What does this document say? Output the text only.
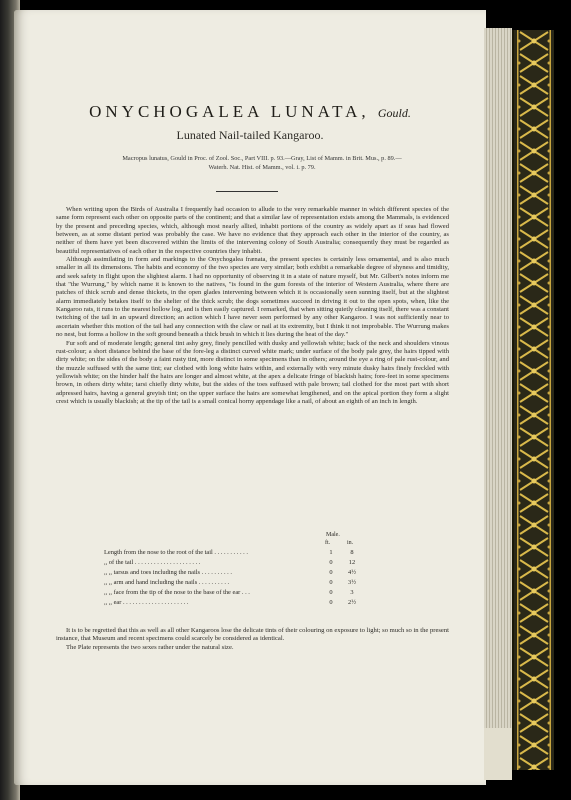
ONYCHOGALEA LUNATA, Gould.
Lunated Nail-tailed Kangaroo.
Macropus lunatus, Gould in Proc. of Zool. Soc., Part VIII. p. 93.—Gray, List of Mamm. in Brit. Mus., p. 89.— Waterh. Nat. Hist. of Mamm., vol. i. p. 79.

When writing upon the Birds of Australia I frequently had occasion to allude to the very remarkable manner in which different species of the same form represent each other on opposite parts of the continent; and that a similar law of representation exists among the Mammals, is evidenced by the present and preceding species, which, although most nearly allied, inhabit portions of the country as widely apart as if seas had flowed between, as at some distant period was probably the case. We have no evidence that they approach each other in the interior of the country, as neither of them have yet been discovered within the limits of the intervening colony of South Australia; consequently they must be regarded as beautiful representatives of each other in the respective countries they inhabit.

Although assimilating in form and markings to the Onychogalea frænata, the present species is certainly less ornamental, and is also much smaller in all its dimensions. The habits and economy of the two species are very similar; both exhibit a remarkable degree of shyness and timidity, and seek safety in flight upon the slightest alarm. I had no opportunity of observing it in a state of nature myself, but Mr. Gilbert's notes inform me that "the Wurrung," by which name it is known to the natives, "is found in the gum forests of the interior of Western Australia, where there are patches of thick scrub and dense thickets, in the open glades intervening between which it is occasionally seen sunning itself, but at the slightest alarm immediately betakes itself to the shelter of the thick scrub; the dogs sometimes succeed in driving it out to the open spots, when, like the Kangaroo rats, it runs to the nearest hollow log, and is then easily captured. I remarked, that when sitting quietly cleaning itself, there was a constant twitching of the tail in an upward direction; an action which I have never seen performed by any other Kangaroo. I was not sufficiently near to ascertain whether this motion of the tail had any connection with the claw or nail at its extremity, but I think it not improbable. The Wurrung makes no nest, but forms a hollow in the soft ground beneath a thick brush in which it lies during the heat of the day."

Fur soft and of moderate length; general tint ashy grey, finely pencilled with dusky and yellowish white; back of the neck and shoulders vinous rust-colour; a short distance behind the base of the fore-leg a distinct curved white mark; under surface of the body pale grey, the hairs tipped with dirty white; on the sides of the body a faint rusty tint, more distinct in some specimens than in others; around the eye a ring of pale rust-colour, and the muzzle suffused with the same tint; ear clothed with long white hairs within, and externally with very minute dusky hairs finely freckled with yellowish white; on the hinder half the hairs are longer and almost white, at the apex a delicate fringe of blackish hairs; fore-feet in some specimens brown, in others dirty white; tarsi chiefly dirty white, but the sides of the toes suffused with pale brown; tail clothed for the most part with short adpressed hairs, having a general greyish tint; on the upper surface the hairs are somewhat lengthened, and on the apical portion they form a slight crest which is usually blackish; at the tip of the tail is a small conical horny appendage like a nail, of about an eighth of an inch in length.

Male.
ft.	in.
Length from the nose to the root of the tail . . . . . . . . . . .	1	8
,, of the tail . . . . . . . . . . . . . . . . . . . . .	0	12
,, ,, tarsus and toes including the nails . . . . . . . . . .	0	4½
,, ,, arm and hand including the nails . . . . . . . . . .	0	3½
,, ,, face from the tip of the nose to the base of the ear . . .	0	3
,, ,, ear . . . . . . . . . . . . . . . . . . . . .	0	2½

It is to be regretted that this as well as all other Kangaroos lose the delicate tints of their colouring on exposure to light; so much so in the present instance, that Museum and recent specimens could scarcely be considered as identical.

The Plate represents the two sexes rather under the natural size.
